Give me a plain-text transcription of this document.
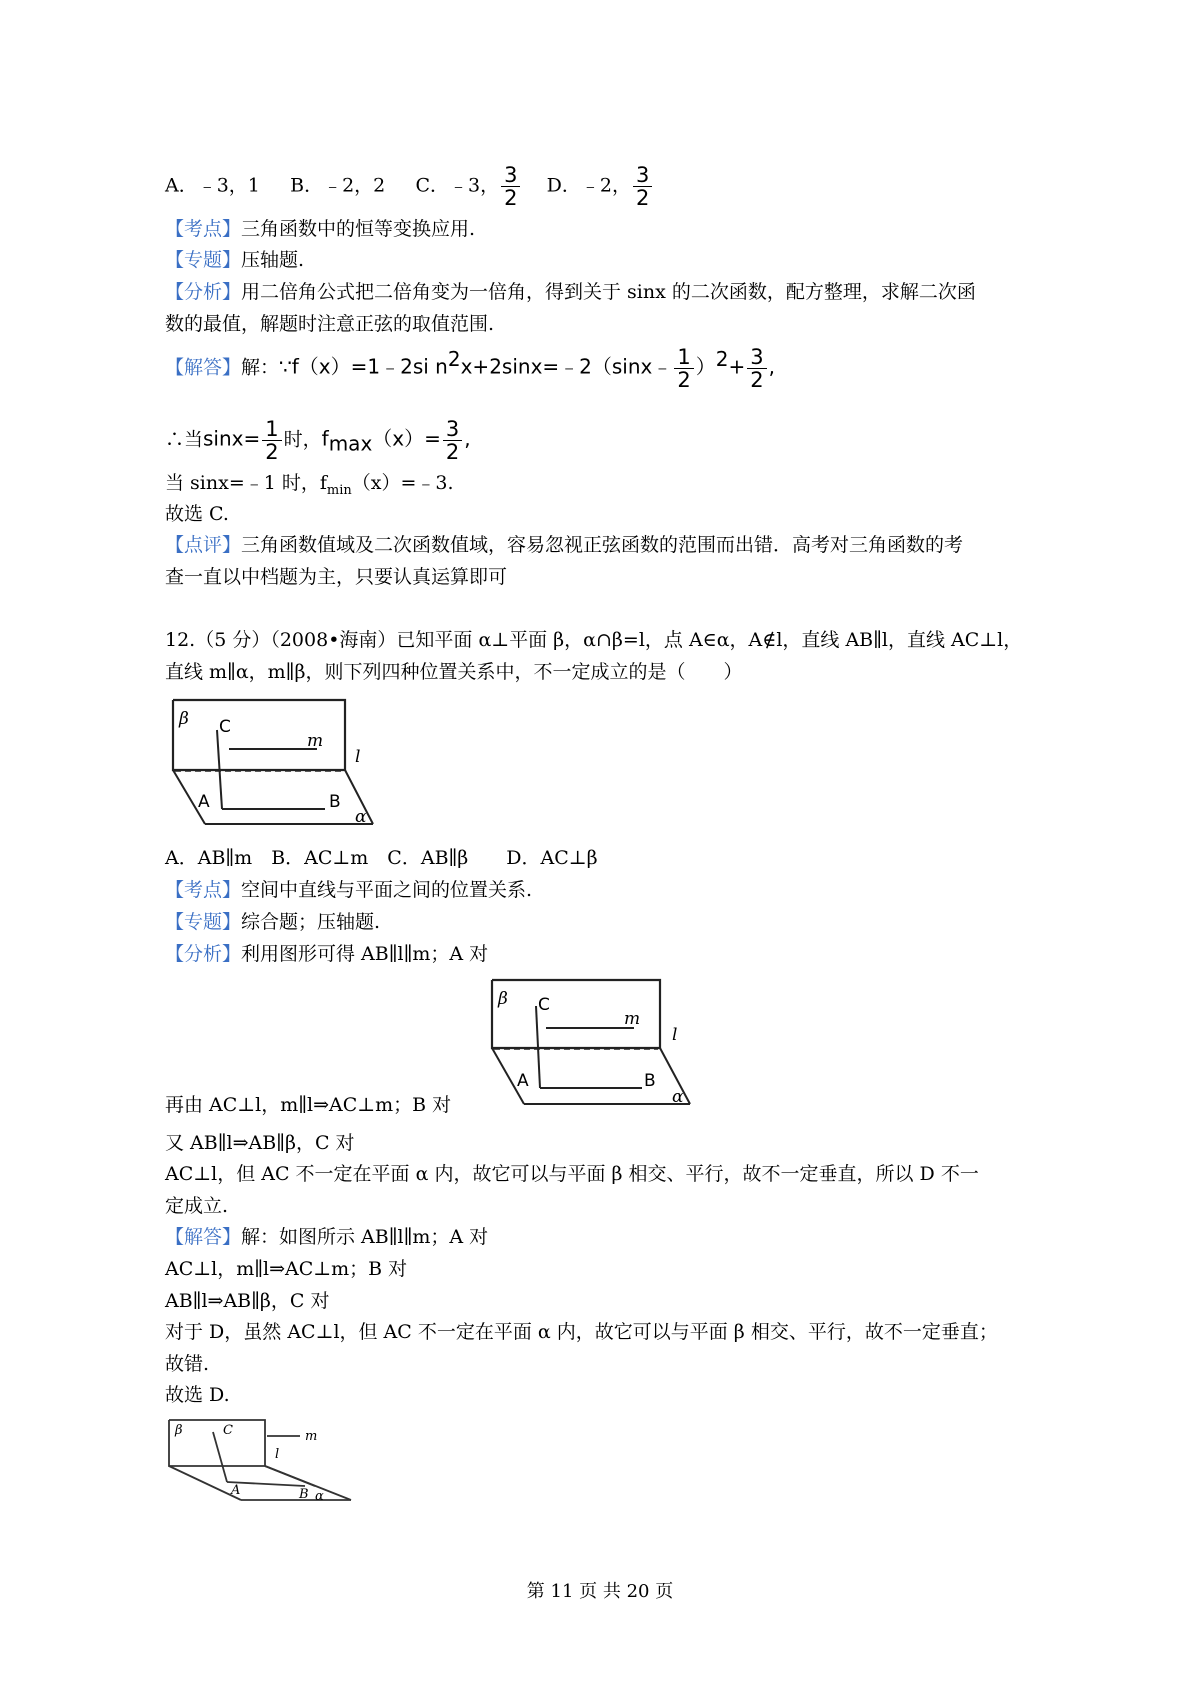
A．﹣3，1 B．﹣2，2 C．﹣3， $\frac{3}{2}$ D．﹣2， $\frac{3}{2}$
【考点】三角函数中的恒等变换应用.
【专题】压轴题.
【分析】用二倍角公式把二倍角变为一倍角，得到关于 sinx 的二次函数，配方整理，求解二次函
数的最值，解题时注意正弦的取值范围.
【解答】解：∵f（x）=1﹣2si $n^2x+2\sin x=﹣2(\sin x﹣ \frac{1}{2} )^2+ \frac{3}{2}$ ,
∴当$\sin x= \frac{1}{2}$ 时，$f_{max}(x)= \frac{3}{2}$ ,
当 sinx=﹣1 时，$f_{min}(x)=﹣3$.
故选 C.
【点评】三角函数值域及二次函数值域，容易忽视正弦函数的范围而出错．高考对三角函数的考
查一直以中档题为主，只要认真运算即可
12.（5 分）（2008•海南）已知平面 α⊥平面 β，α∩β=l，点 A∈α，A∉l，直线 AB∥l，直线 AC⊥l，
直线 m∥α，m∥β，则下列四种位置关系中，不一定成立的是（　　）
β C
m
l
A	B
α
A．AB∥m　B．AC⊥m　C．AB∥β　　D．AC⊥β
【考点】空间中直线与平面之间的位置关系.
【专题】综合题；压轴题.
【分析】利用图形可得 AB∥l∥m；A 对
β C
m
l
A	B
α
再由 AC⊥l，m∥l⇒AC⊥m；B 对
又 AB∥l⇒AB∥β，C 对
AC⊥l，但 AC 不一定在平面 α 内，故它可以与平面 β 相交、平行，故不一定垂直，所以 D 不一
定成立.
【解答】解：如图所示 AB∥l∥m；A 对
AC⊥l，m∥l⇒AC⊥m；B 对
AB∥l⇒AB∥β，C 对
对于 D，虽然 AC⊥l，但 AC 不一定在平面 α 内，故它可以与平面 β 相交、平行，故不一定垂直；
故错.
故选 D.
β	C	m
l
A	B α
第 11 页 共 20 页
